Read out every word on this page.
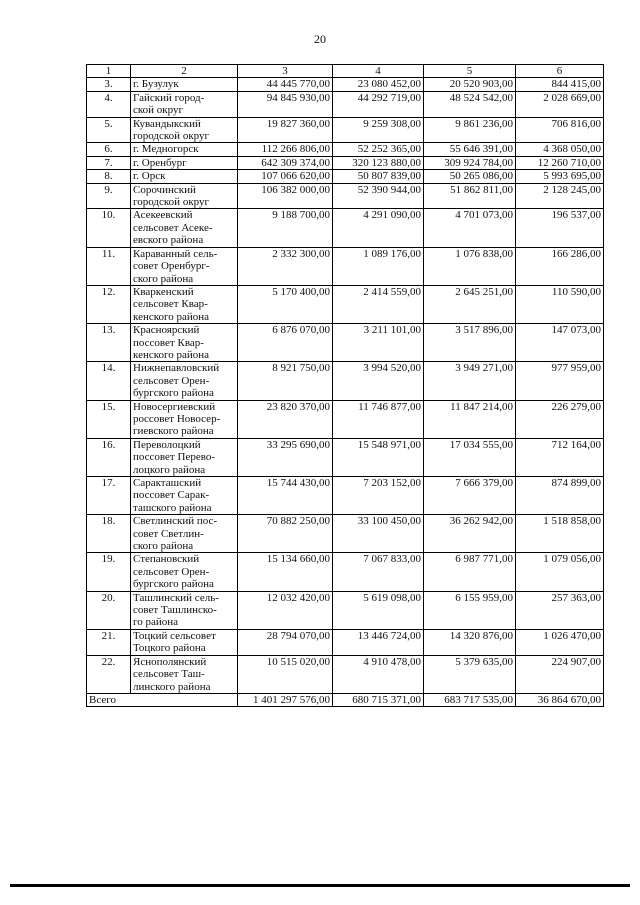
20
1	2	3	4	5	6
3.	г. Бузулук	44 445 770,00	23 080 452,00	20 520 903,00	844 415,00
4.	Гайский город-
ской округ	94 845 930,00	44 292 719,00	48 524 542,00	2 028 669,00
5.	Кувандыкский
городской округ	19 827 360,00	9 259 308,00	9 861 236,00	706 816,00
6.	г. Медногорск	112 266 806,00	52 252 365,00	55 646 391,00	4 368 050,00
7.	г. Оренбург	642 309 374,00	320 123 880,00	309 924 784,00	12 260 710,00
8.	г. Орск	107 066 620,00	50 807 839,00	50 265 086,00	5 993 695,00
9.	Сорочинский
городской округ	106 382 000,00	52 390 944,00	51 862 811,00	2 128 245,00
10.	Асекеевский
сельсовет Асеке-
евского района	9 188 700,00	4 291 090,00	4 701 073,00	196 537,00
11.	Караванный сель-
совет Оренбург-
ского района	2 332 300,00	1 089 176,00	1 076 838,00	166 286,00
12.	Кваркенский
сельсовет Квар-
кенского района	5 170 400,00	2 414 559,00	2 645 251,00	110 590,00
13.	Красноярский
поссовет Квар-
кенского района	6 876 070,00	3 211 101,00	3 517 896,00	147 073,00
14.	Нижнепавловский
сельсовет Орен-
бургского района	8 921 750,00	3 994 520,00	3 949 271,00	977 959,00
15.	Новосергиевский
poссовет Новосер-
гиевского района	23 820 370,00	11 746 877,00	11 847 214,00	226 279,00
16.	Переволоцкий
поссовет Перево-
лоцкого района	33 295 690,00	15 548 971,00	17 034 555,00	712 164,00
17.	Саракташский
поссовет Сарак-
ташского района	15 744 430,00	7 203 152,00	7 666 379,00	874 899,00
18.	Светлинский пос-
совет Светлин-
ского района	70 882 250,00	33 100 450,00	36 262 942,00	1 518 858,00
19.	Степановский
сельсовет Орен-
бургского района	15 134 660,00	7 067 833,00	6 987 771,00	1 079 056,00
20.	Ташлинский сель-
совет Ташлинско-
го района	12 032 420,00	5 619 098,00	6 155 959,00	257 363,00
21.	Тоцкий сельсовет
Тоцкого района	28 794 070,00	13 446 724,00	14 320 876,00	1 026 470,00
22.	Яснополянский
сельсовет Таш-
линского района	10 515 020,00	4 910 478,00	5 379 635,00	224 907,00
Всего		1 401 297 576,00	680 715 371,00	683 717 535,00	36 864 670,00
